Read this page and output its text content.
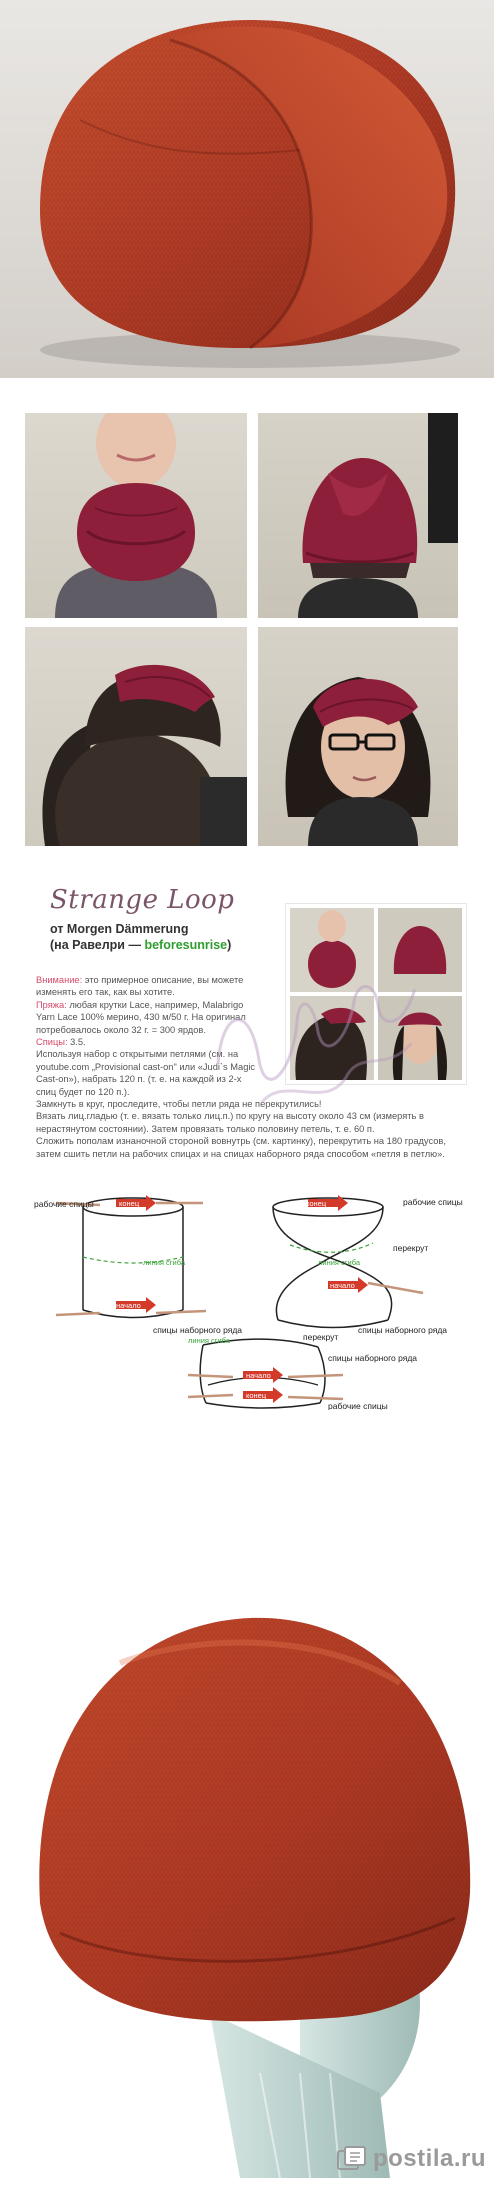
Strange Loop
от Morgen Dämmerung
(на Равелри — beforesunrise)

Внимание: это примерное описание, вы можете изменять его так, как вы хотите.

Пряжа: любая крутки Lace, например, Malabrigo Yarn Lace 100% мерино, 430 м/50 г. На оригинал потребовалось около 32 г. = 300 ярдов.

Спицы: 3.5.

Используя набор с открытыми петлями (см. на youtube.com „Provisional cast-on" или «Judi`s Magic Cast-on»), набрать 120 п. (т. е. на каждой из 2-х спиц будет по 120 п.).

Замкнуть в круг, проследите, чтобы петли ряда не перекрутились!

Вязать лиц.гладью (т. е. вязать только лиц.п.) по кругу на высоту около 43 см (измерять в нерастянутом состоянии). Затем провязать только половину петель, т. е. 60 п.

Сложить пополам изнаночной стороной вовнутрь (см. картинку), перекрутить на 180 градусов, затем сшить петли на рабочих спицах и на спицах наборного ряда способом «петля в петлю».

рабочие спицы	конец
линия сгиба
начало
спицы наборного ряда
линия сгиба
конец
начало
перекрут
рабочие спицы
спицы наборного ряда
линия сгиба	перекрут
начало
конец
спицы наборного ряда
рабочие спицы
postila.ru
